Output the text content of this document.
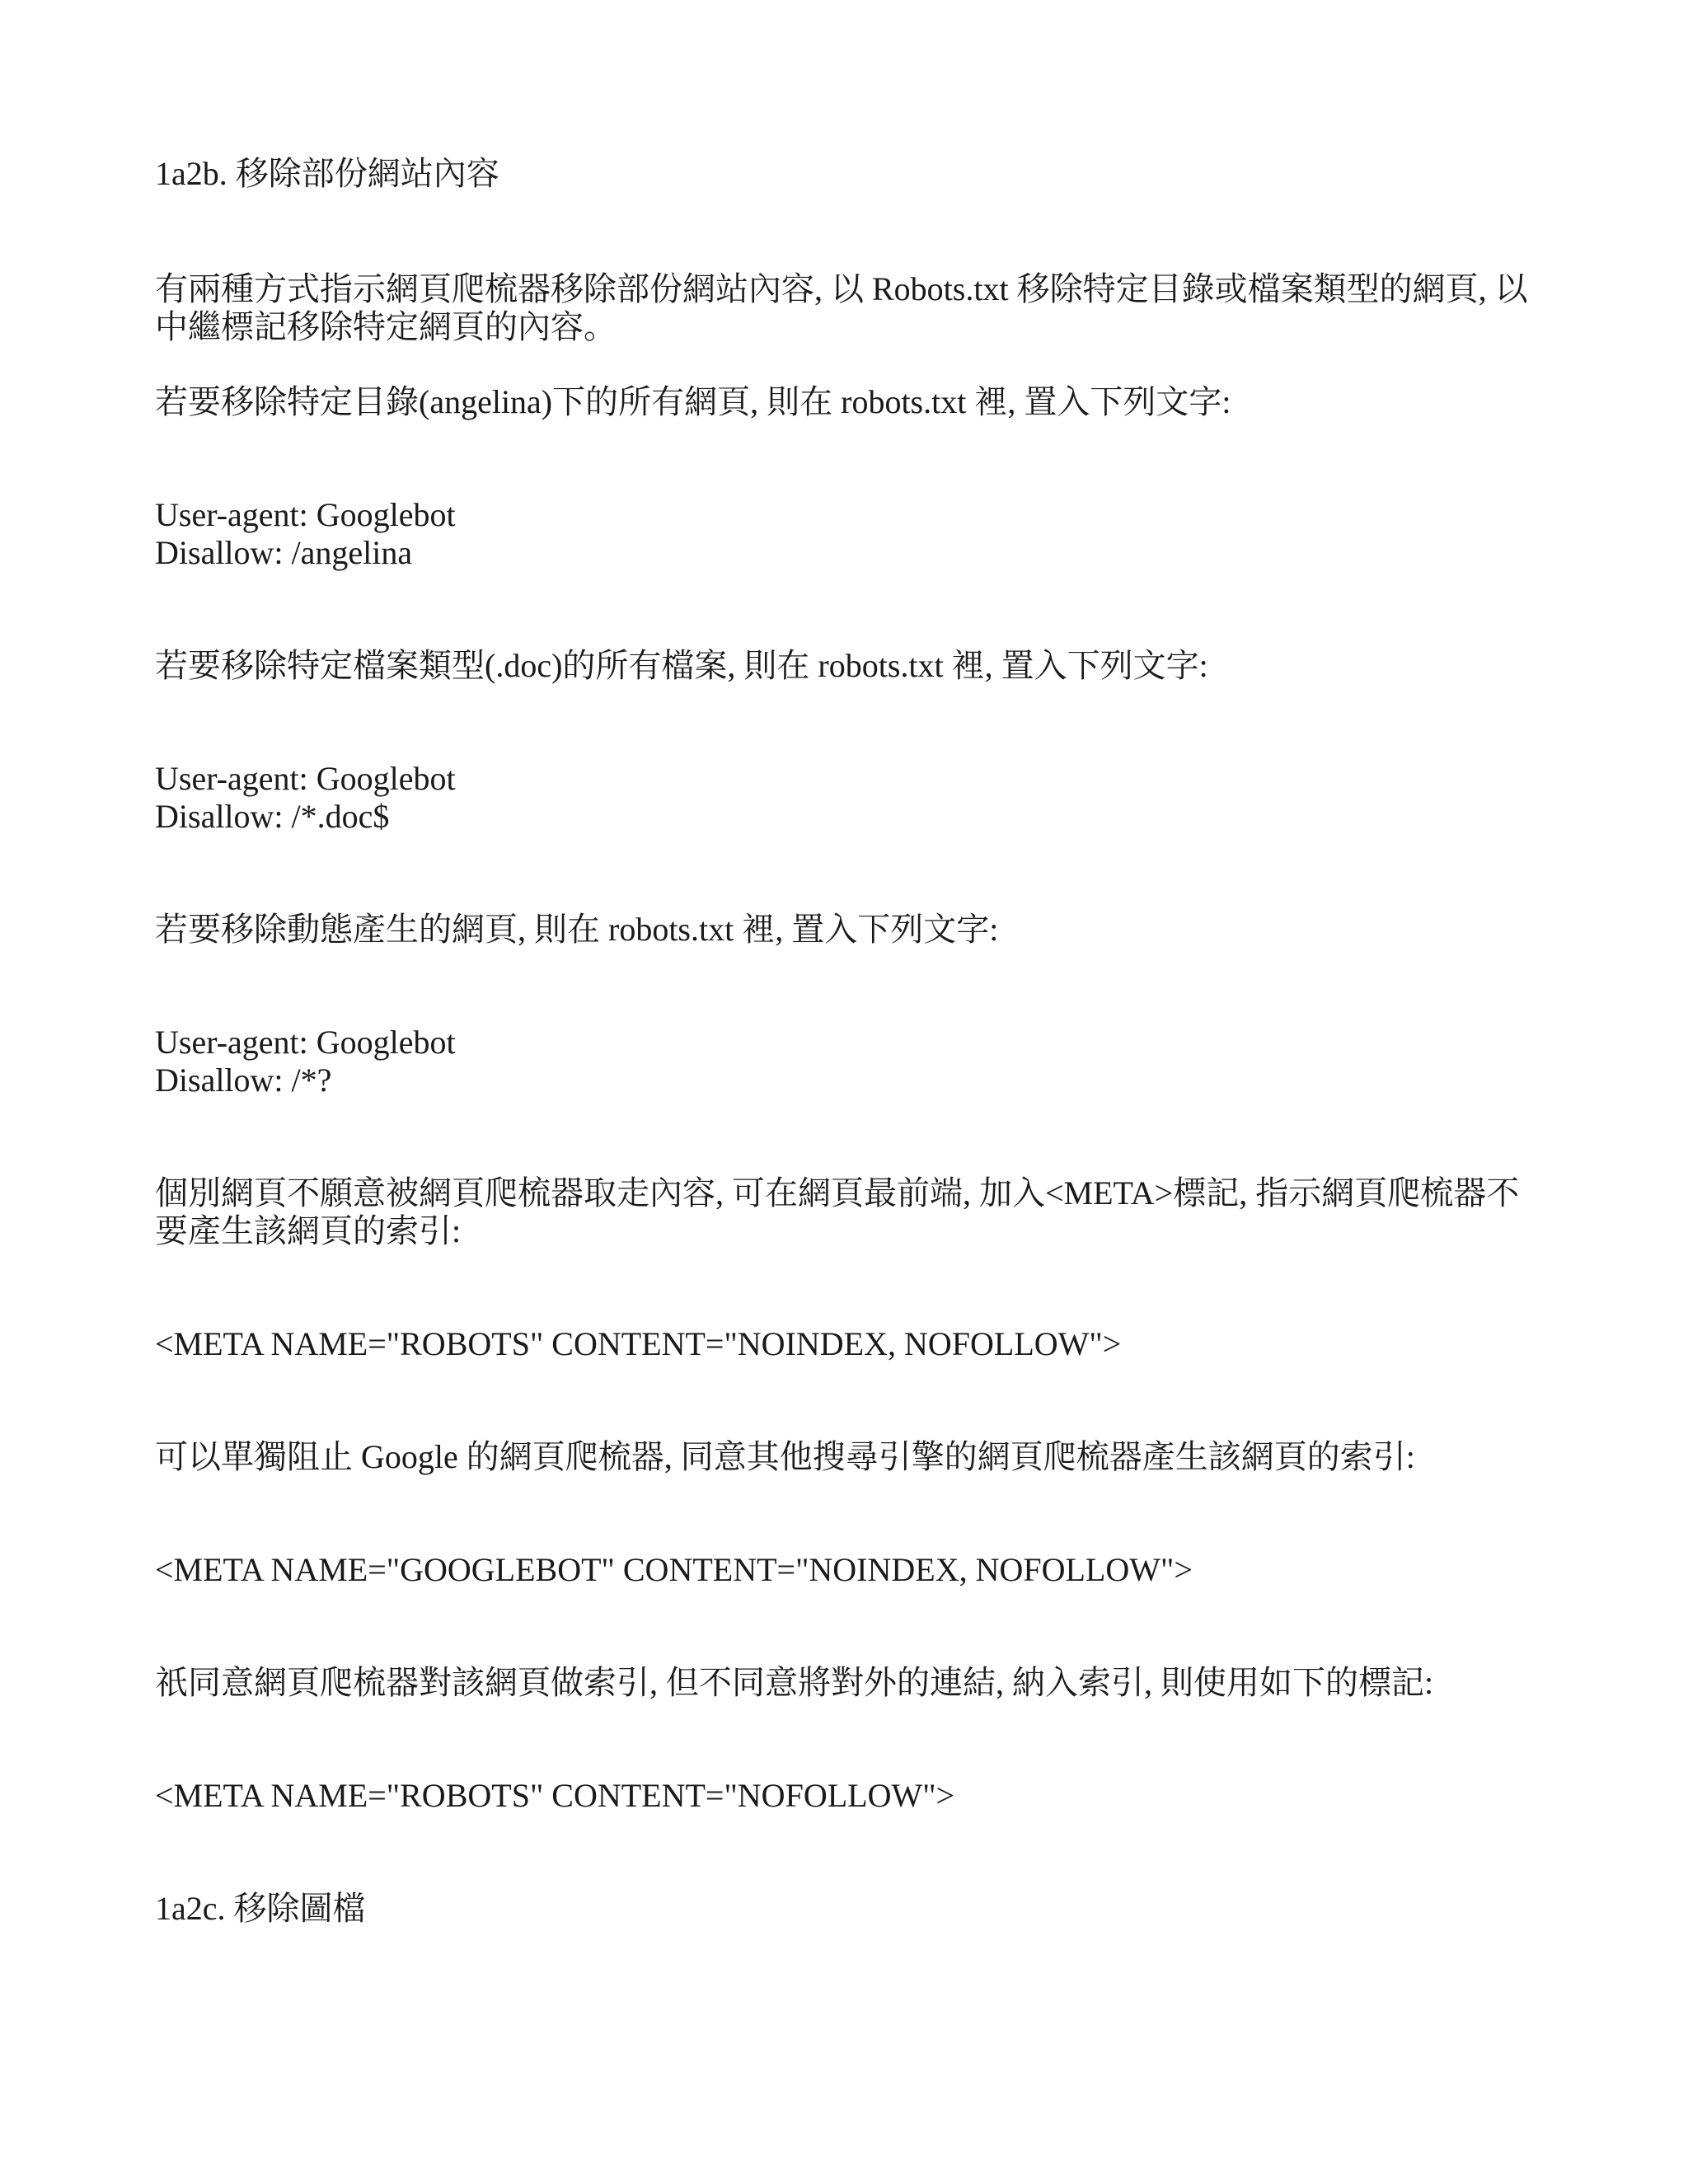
1a2b. 移除部份網站內容

有兩種方式指示網頁爬梳器移除部份網站內容, 以 Robots.txt 移除特定目錄或檔案類型的網頁, 以

中繼標記移除特定網頁的內容。

若要移除特定目錄(angelina)下的所有網頁, 則在 robots.txt 裡, 置入下列文字:

User-agent: Googlebot

Disallow: /angelina

若要移除特定檔案類型(.doc)的所有檔案, 則在 robots.txt 裡, 置入下列文字:

User-agent: Googlebot

Disallow: /*.doc$

若要移除動態產生的網頁, 則在 robots.txt 裡, 置入下列文字:

User-agent: Googlebot

Disallow: /*?

個別網頁不願意被網頁爬梳器取走內容, 可在網頁最前端, 加入<META>標記, 指示網頁爬梳器不

要產生該網頁的索引:

<META NAME="ROBOTS" CONTENT="NOINDEX, NOFOLLOW">

可以單獨阻止 Google 的網頁爬梳器, 同意其他搜尋引擎的網頁爬梳器產生該網頁的索引:

<META NAME="GOOGLEBOT" CONTENT="NOINDEX, NOFOLLOW">

祇同意網頁爬梳器對該網頁做索引, 但不同意將對外的連結, 納入索引, 則使用如下的標記:

<META NAME="ROBOTS" CONTENT="NOFOLLOW">

1a2c. 移除圖檔
